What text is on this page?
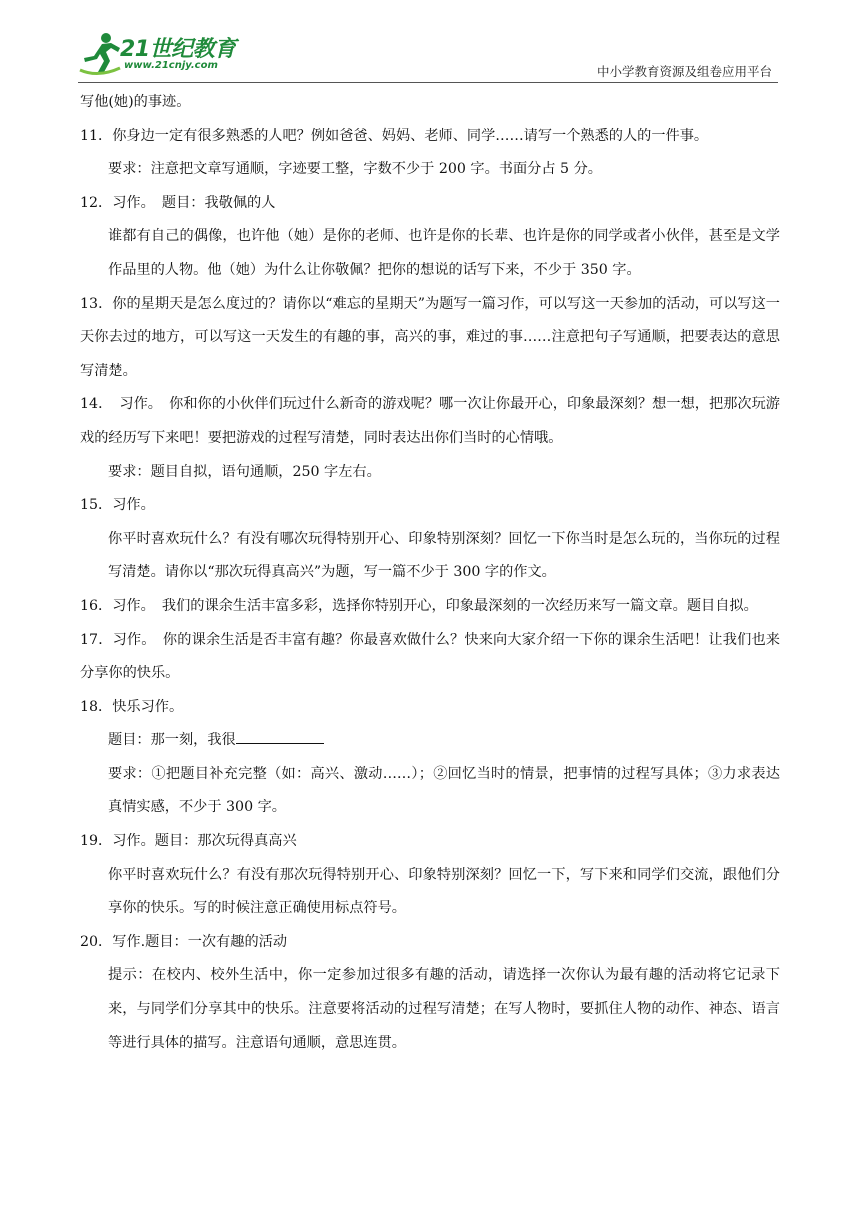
21世纪教育
www.21cnjy.com	中小学教育资源及组卷应用平台
写他(她)的事迹。
11．你身边一定有很多熟悉的人吧？例如爸爸、妈妈、老师、同学……请写一个熟悉的人的一件事。
要求：注意把文章写通顺，字迹要工整，字数不少于 200 字。书面分占 5 分。
12．习作。　题目：我敬佩的人
谁都有自己的偶像，也许他（她）是你的老师、也许是你的长辈、也许是你的同学或者小伙伴，甚至是文学作品里的人物。他（她）为什么让你敬佩？把你的想说的话写下来，不少于 350 字。
13．你的星期天是怎么度过的？请你以“难忘的星期天”为题写一篇习作，可以写这一天参加的活动，可以写这一天你去过的地方，可以写这一天发生的有趣的事，高兴的事，难过的事……注意把句子写通顺，把要表达的意思写清楚。
14．　习作。　你和你的小伙伴们玩过什么新奇的游戏呢？哪一次让你最开心，印象最深刻？想一想，把那次玩游戏的经历写下来吧！要把游戏的过程写清楚，同时表达出你们当时的心情哦。
要求：题目自拟，语句通顺，250 字左右。
15．习作。
你平时喜欢玩什么？有没有哪次玩得特别开心、印象特别深刻？回忆一下你当时是怎么玩的，当你玩的过程写清楚。请你以“那次玩得真高兴”为题，写一篇不少于 300 字的作文。
16．习作。　我们的课余生活丰富多彩，选择你特别开心，印象最深刻的一次经历来写一篇文章。题目自拟。
17．习作。　你的课余生活是否丰富有趣？你最喜欢做什么？快来向大家介绍一下你的课余生活吧！让我们也来分享你的快乐。
18．快乐习作。
题目：那一刻，我很
要求：①把题目补充完整（如：高兴、激动……）；②回忆当时的情景，把事情的过程写具体；③力求表达真情实感，不少于 300 字。
19．习作。题目：那次玩得真高兴
你平时喜欢玩什么？有没有那次玩得特别开心、印象特别深刻？回忆一下，写下来和同学们交流，跟他们分享你的快乐。写的时候注意正确使用标点符号。
20．写作.题目：一次有趣的活动
提示：在校内、校外生活中，你一定参加过很多有趣的活动，请选择一次你认为最有趣的活动将它记录下来，与同学们分享其中的快乐。注意要将活动的过程写清楚；在写人物时，要抓住人物的动作、神态、语言等进行具体的描写。注意语句通顺，意思连贯。
